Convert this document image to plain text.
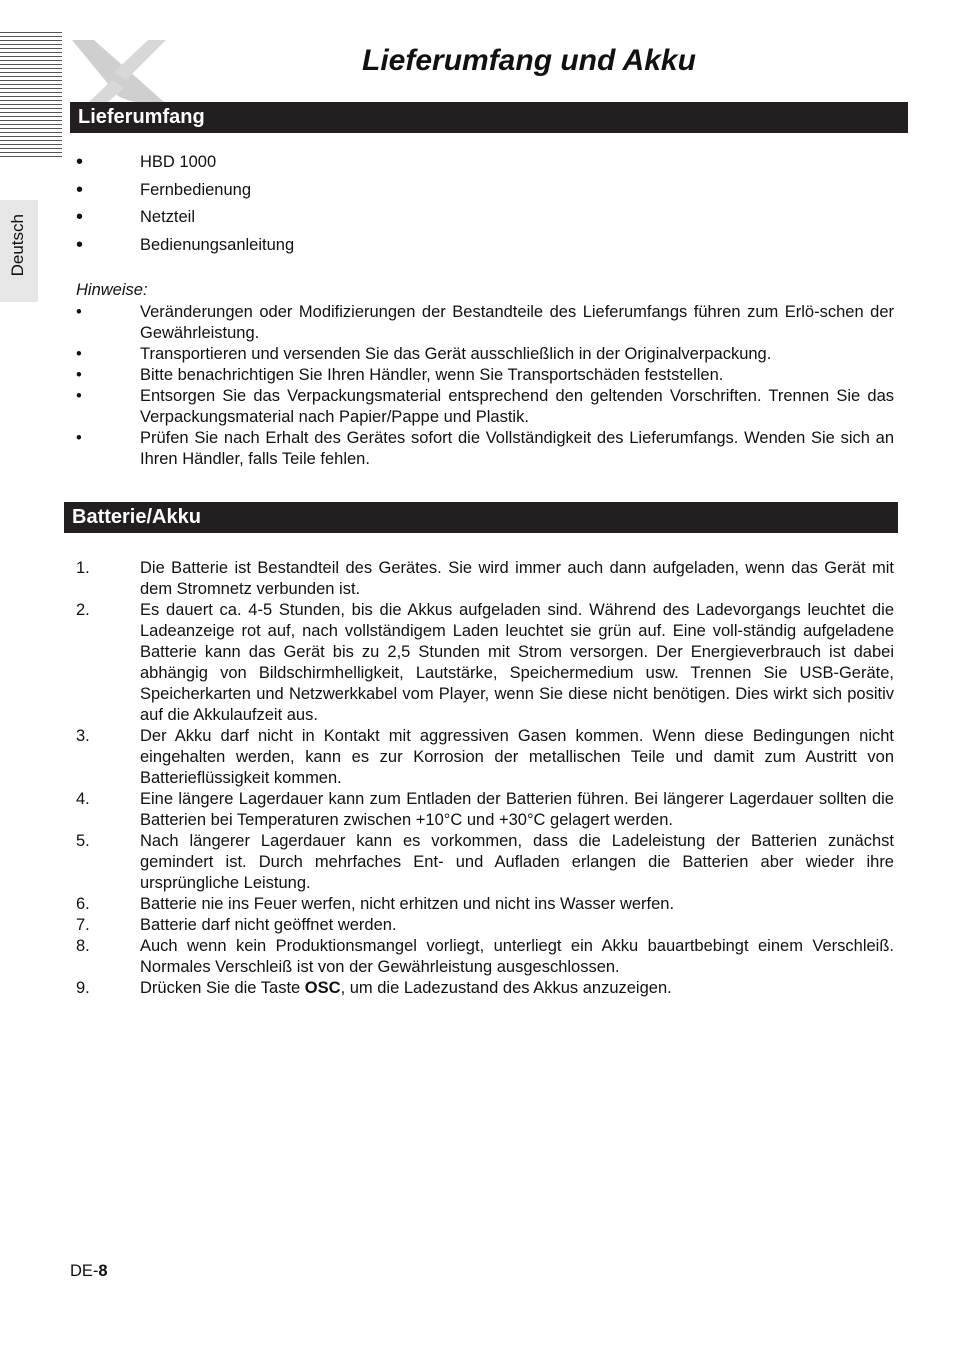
Lieferumfang und Akku
Deutsch
Lieferumfang
•	HBD 1000
•	Fernbedienung
•	Netzteil
•	Bedienungsanleitung
Hinweise:
•	Veränderungen oder Modifizierungen der Bestandteile des Lieferumfangs führen zum Erlö-schen der Gewährleistung.
•	Transportieren und versenden Sie das Gerät ausschließlich in der Originalverpackung.
•	Bitte benachrichtigen Sie Ihren Händler, wenn Sie Transportschäden feststellen.
•	Entsorgen Sie das Verpackungsmaterial entsprechend den geltenden Vorschriften. Trennen Sie das Verpackungsmaterial nach Papier/Pappe und Plastik.
•	Prüfen Sie nach Erhalt des Gerätes sofort die Vollständigkeit des Lieferumfangs. Wenden Sie sich an Ihren Händler, falls Teile fehlen.
Batterie/Akku
1.	Die Batterie ist Bestandteil des Gerätes. Sie wird immer auch dann aufgeladen, wenn das Gerät mit dem Stromnetz verbunden ist.
2.	Es dauert ca. 4-5 Stunden, bis die Akkus aufgeladen sind. Während des Ladevorgangs leuchtet die Ladeanzeige rot auf, nach vollständigem Laden leuchtet sie grün auf. Eine voll-ständig aufgeladene Batterie kann das Gerät bis zu 2,5 Stunden mit Strom versorgen. Der Energieverbrauch ist dabei abhängig von Bildschirmhelligkeit, Lautstärke, Speichermedium usw. Trennen Sie USB-Geräte, Speicherkarten und Netzwerkkabel vom Player, wenn Sie diese nicht benötigen. Dies wirkt sich positiv auf die Akkulaufzeit aus.
3.	Der Akku darf nicht in Kontakt mit aggressiven Gasen kommen. Wenn diese Bedingungen nicht eingehalten werden, kann es zur Korrosion der metallischen Teile und damit zum Austritt von Batterieflüssigkeit kommen.
4.	Eine längere Lagerdauer kann zum Entladen der Batterien führen. Bei längerer Lagerdauer sollten die Batterien bei Temperaturen zwischen +10°C und +30°C gelagert werden.
5.	Nach längerer Lagerdauer kann es vorkommen, dass die Ladeleistung der Batterien zunächst gemindert ist. Durch mehrfaches Ent- und Aufladen erlangen die Batterien aber wieder ihre ursprüngliche Leistung.
6.	Batterie nie ins Feuer werfen, nicht erhitzen und nicht ins Wasser werfen.
7.	Batterie darf nicht geöffnet werden.
8.	Auch wenn kein Produktionsmangel vorliegt, unterliegt ein Akku bauartbebingt einem Verschleiß. Normales Verschleiß ist von der Gewährleistung ausgeschlossen.
9.	Drücken Sie die Taste OSC, um die Ladezustand des Akkus anzuzeigen.
DE-8
